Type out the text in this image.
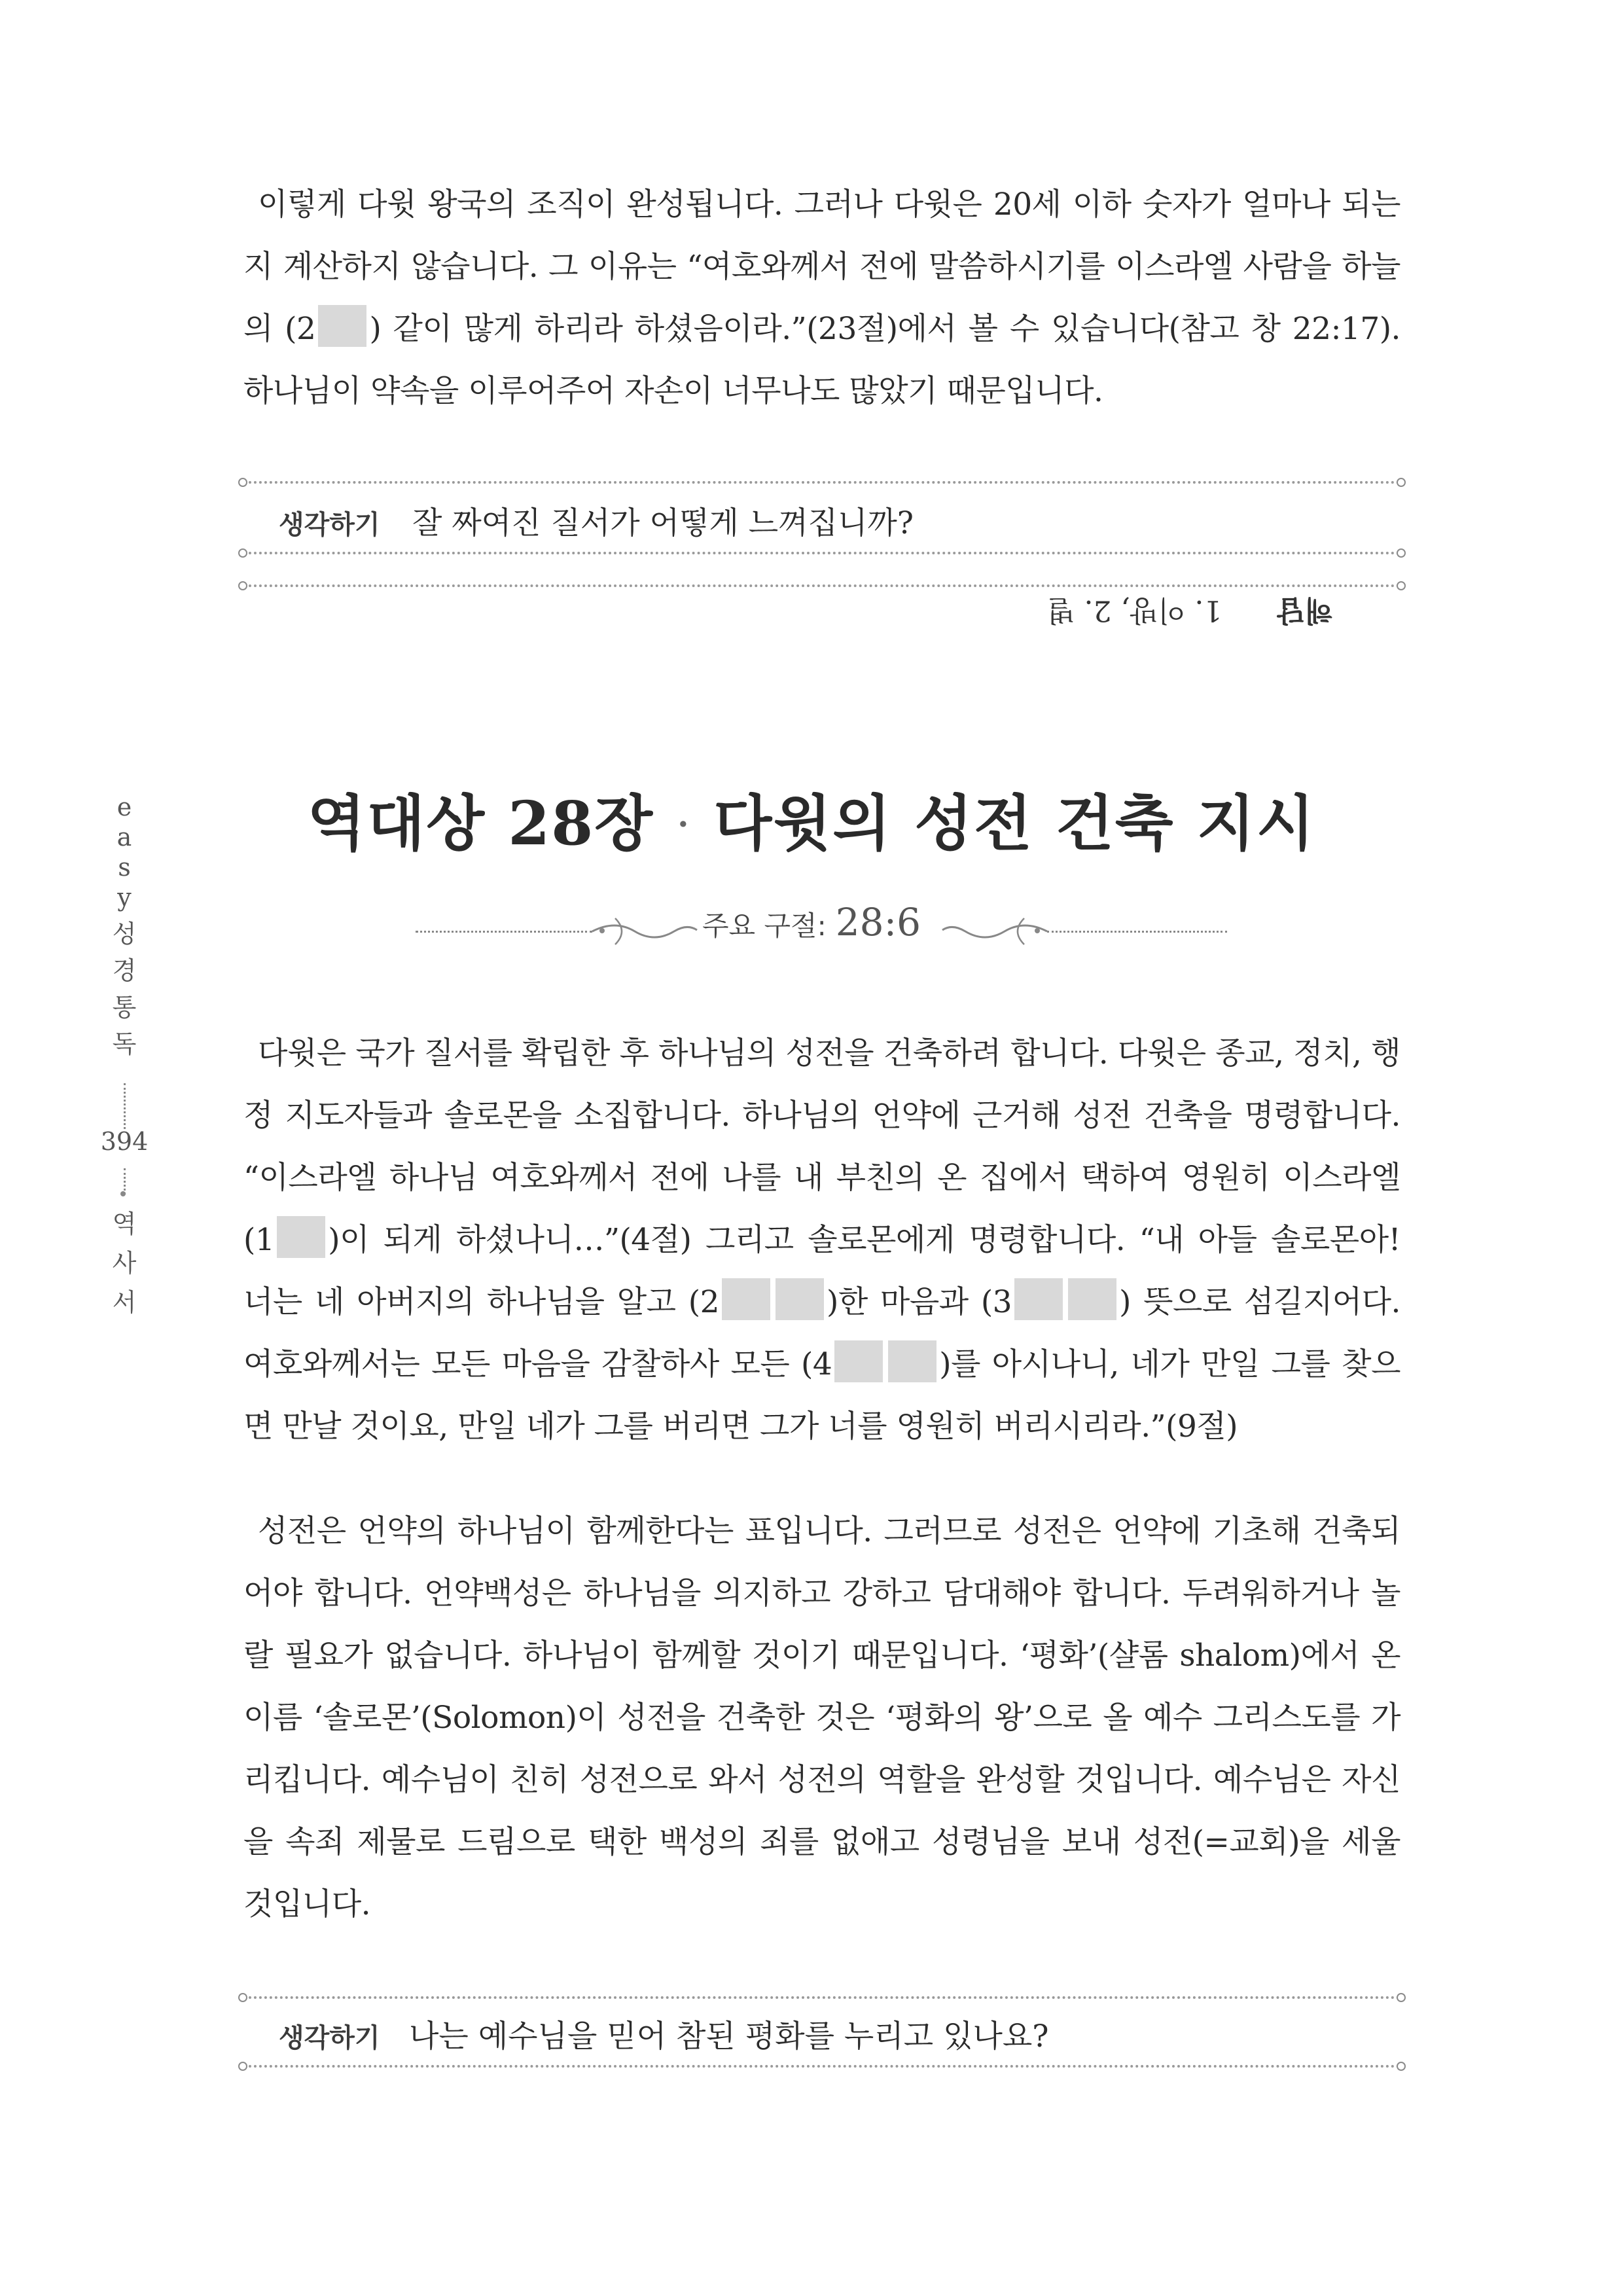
이렇게 다윗 왕국의 조직이 완성됩니다. 그러나 다윗은 20세 이하 숫자가 얼마나 되는지 계산하지 않습니다. 그 이유는 “여호와께서 전에 말씀하시기를 이스라엘 사람을 하늘의 (2 ) 같이 많게 하리라 하셨음이라.”(23절)에서 볼 수 있습니다(참고 창 22:17). 하나님이 약속을 이루어주어 자손이 너무나도 많았기 때문입니다.

생각하기 잘 짜여진 질서가 어떻게 느껴집니까?
해답 1. 이방, 2. 별
역대상 28장 · 다윗의 성전 건축 지시
주요 구절: 28:6
e
a
s
y
성
경
통
독
394
역
사
서

다윗은 국가 질서를 확립한 후 하나님의 성전을 건축하려 합니다. 다윗은 종교, 정치, 행정 지도자들과 솔로몬을 소집합니다. 하나님의 언약에 근거해 성전 건축을 명령합니다. “이스라엘 하나님 여호와께서 전에 나를 내 부친의 온 집에서 택하여 영원히 이스라엘 (1 )이 되게 하셨나니…”(4절) 그리고 솔로몬에게 명령합니다. “내 아들 솔로몬아! 너는 네 아버지의 하나님을 알고 (2	)한 마음과 (3	) 뜻으로 섬길지어다. 여호와께서는 모든 마음을 감찰하사 모든 (4	)를 아시나니, 네가 만일 그를 찾으면 만날 것이요, 만일 네가 그를 버리면 그가 너를 영원히 버리시리라.”(9절)

성전은 언약의 하나님이 함께한다는 표입니다. 그러므로 성전은 언약에 기초해 건축되어야 합니다. 언약백성은 하나님을 의지하고 강하고 담대해야 합니다. 두려워하거나 놀랄 필요가 없습니다. 하나님이 함께할 것이기 때문입니다. ‘평화’(샬롬 shalom)에서 온 이름 ‘솔로몬’(Solomon)이 성전을 건축한 것은 ‘평화의 왕’으로 올 예수 그리스도를 가리킵니다. 예수님이 친히 성전으로 와서 성전의 역할을 완성할 것입니다. 예수님은 자신을 속죄 제물로 드림으로 택한 백성의 죄를 없애고 성령님을 보내 성전(=교회)을 세울 것입니다.

생각하기 나는 예수님을 믿어 참된 평화를 누리고 있나요?
